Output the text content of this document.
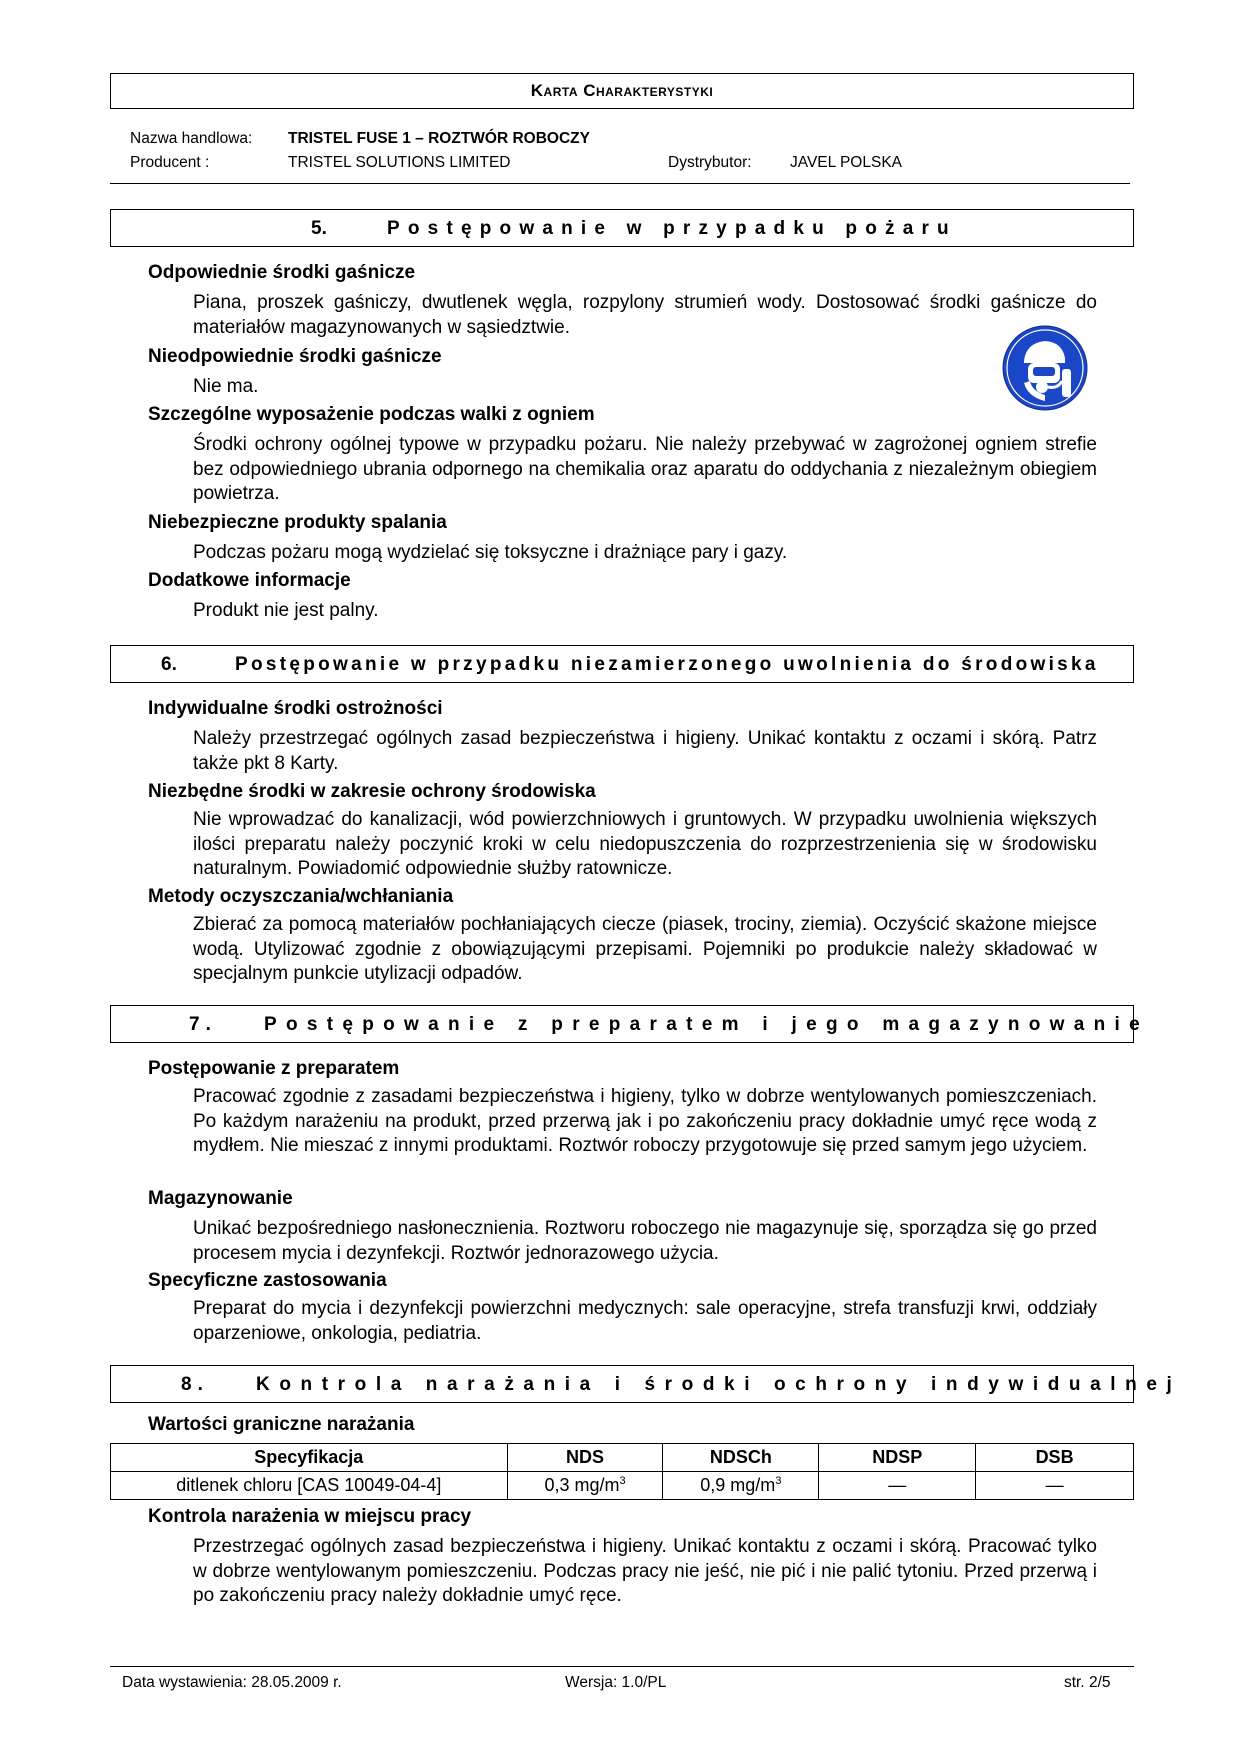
Karta Charakterystyki
Nazwa handlowa: TRISTEL FUSE 1 – ROZTWÓR ROBOCZY
Producent :	TRISTEL SOLUTIONS LIMITED	Dystrybutor: JAVEL POLSKA
5.	Postępowanie w przypadku pożaru
Odpowiednie środki gaśnicze
Piana, proszek gaśniczy, dwutlenek węgla, rozpylony strumień wody. Dostosować środki gaśnicze do materiałów magazynowanych w sąsiedztwie.
Nieodpowiednie środki gaśnicze
Nie ma.
Szczególne wyposażenie podczas walki z ogniem
Środki ochrony ogólnej typowe w przypadku pożaru. Nie należy przebywać w zagrożonej ogniem strefie bez odpowiedniego ubrania odpornego na chemikalia oraz aparatu do oddychania z niezależnym obiegiem powietrza.
Niebezpieczne produkty spalania
Podczas pożaru mogą wydzielać się toksyczne i drażniące pary i gazy.
Dodatkowe informacje
Produkt nie jest palny.
6.	Postępowanie w przypadku niezamierzonego uwolnienia do środowiska
Indywidualne środki ostrożności
Należy przestrzegać ogólnych zasad bezpieczeństwa i higieny. Unikać kontaktu z oczami i skórą. Patrz także pkt 8 Karty.
Niezbędne środki w zakresie ochrony środowiska
Nie wprowadzać do kanalizacji, wód powierzchniowych i gruntowych. W przypadku uwolnienia większych ilości preparatu należy poczynić kroki w celu niedopuszczenia do rozprzestrzenienia się w środowisku naturalnym. Powiadomić odpowiednie służby ratownicze.
Metody oczyszczania/wchłaniania
Zbierać za pomocą materiałów pochłaniających ciecze (piasek, trociny, ziemia). Oczyścić skażone miejsce wodą. Utylizować zgodnie z obowiązującymi przepisami. Pojemniki po produkcie należy składować w specjalnym punkcie utylizacji odpadów.
7. Postępowanie z preparatem i jego magazynowanie
Postępowanie z preparatem
Pracować zgodnie z zasadami bezpieczeństwa i higieny, tylko w dobrze wentylowanych pomieszczeniach. Po każdym narażeniu na produkt, przed przerwą jak i po zakończeniu pracy dokładnie umyć ręce wodą z mydłem. Nie mieszać z innymi produktami. Roztwór roboczy przygotowuje się przed samym jego użyciem.
Magazynowanie
Unikać bezpośredniego nasłonecznienia. Roztworu roboczego nie magazynuje się, sporządza się go przed procesem mycia i dezynfekcji. Roztwór jednorazowego użycia.
Specyficzne zastosowania
Preparat do mycia i dezynfekcji powierzchni medycznych: sale operacyjne, strefa transfuzji krwi, oddziały oparzeniowe, onkologia, pediatria.
8. Kontrola narażania i środki ochrony indywidualnej
Wartości graniczne narażania
Specyfikacja	NDS	NDSCh	NDSP	DSB
ditlenek chloru [CAS 10049-04-4]	0,3 $mg/m^3$	0,9 $mg/m^3$	—	—
Kontrola narażenia w miejscu pracy
Przestrzegać ogólnych zasad bezpieczeństwa i higieny. Unikać kontaktu z oczami i skórą. Pracować tylko w dobrze wentylowanym pomieszczeniu. Podczas pracy nie jeść, nie pić i nie palić tytoniu. Przed przerwą i po zakończeniu pracy należy dokładnie umyć ręce.
Data wystawienia: 28.05.2009 r.	Wersja: 1.0/PL	str. 2/5
